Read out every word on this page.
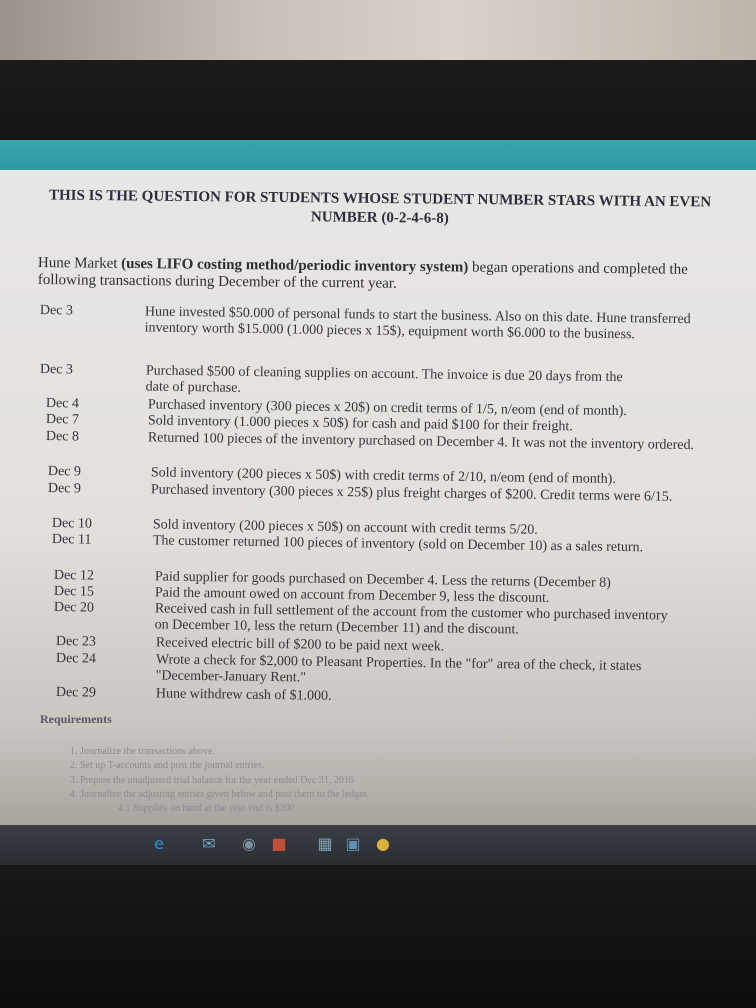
THIS IS THE QUESTION FOR STUDENTS WHOSE STUDENT NUMBER STARS WITH AN EVEN NUMBER (0-2-4-6-8)
Hune Market (uses LIFO costing method/periodic inventory system) began operations and completed the following transactions during December of the current year.
Dec 3	Hune invested $50.000 of personal funds to start the business. Also on this date. Hune transferred inventory worth $15.000 (1.000 pieces x 15$), equipment worth $6.000 to the business.
Dec 3	Purchased $500 of cleaning supplies on account. The invoice is due 20 days from the date of purchase.
Dec 4	Purchased inventory (300 pieces x 20$) on credit terms of 1/5, n/eom (end of month).
Dec 7	Sold inventory (1.000 pieces x 50$) for cash and paid $100 for their freight.
Dec 8	Returned 100 pieces of the inventory purchased on December 4. It was not the inventory ordered.
Dec 9	Sold inventory (200 pieces x 50$) with credit terms of 2/10, n/eom (end of month).
Dec 9	Purchased inventory (300 pieces x 25$) plus freight charges of $200. Credit terms were 6/15.
Dec 10	Sold inventory (200 pieces x 50$) on account with credit terms 5/20.
Dec 11	The customer returned 100 pieces of inventory (sold on December 10) as a sales return.
Dec 12	Paid supplier for goods purchased on December 4. Less the returns (December 8)
Dec 15	Paid the amount owed on account from December 9, less the discount.
Dec 20	Received cash in full settlement of the account from the customer who purchased inventory on December 10, less the return (December 11) and the discount.
Dec 23	Received electric bill of $200 to be paid next week.
Dec 24	Wrote a check for $2,000 to Pleasant Properties. In the "for" area of the check, it states "December-January Rent."
Dec 29	Hune withdrew cash of $1.000.
Requirements
1. Journalize the transactions above.
2. Set up T-accounts and post the journal entries.
3. Prepare the unadjusted trial balance for the year ended Dec 31, 2016
4. Journalize the adjusting entries given below and post them to the ledger.
4.1 Supplies on hand at the year end is $200
e	✉ ◉ ■ ▦ ▣ ●
